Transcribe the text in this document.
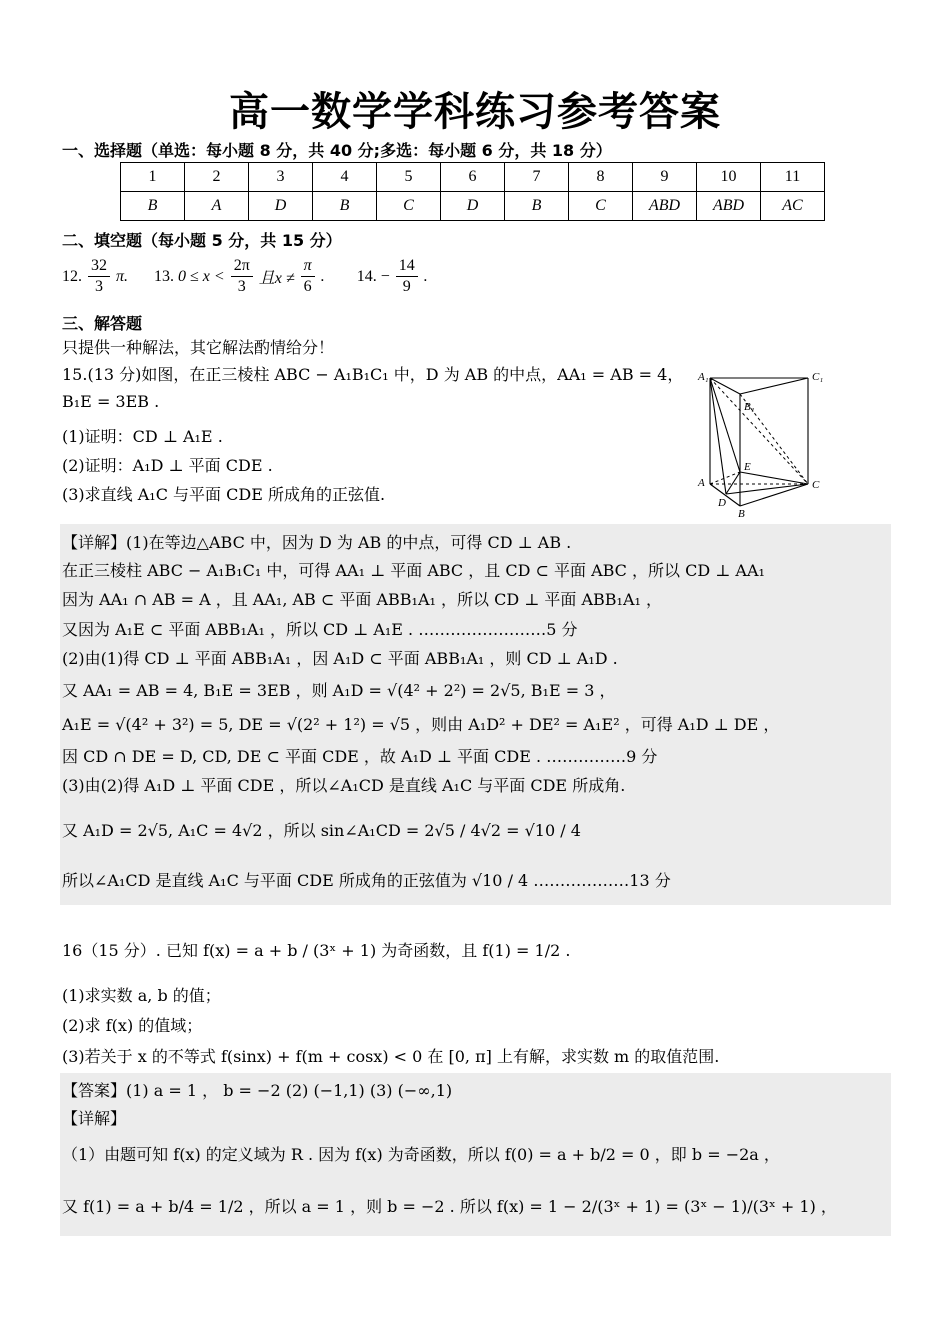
高一数学学科练习参考答案
一、选择题（单选：每小题 8 分，共 40 分;多选：每小题 6 分，共 18 分）
1	2	3	4	5	6	7	8	9	10	11
B	A	D	B	C	D	B	C	ABD	ABD	AC
二、填空题（每小题 5 分，共 15 分）
12. $\frac{32}{3} \pi$. 13. $0 \le x < \frac{2\pi}{3}$ 且$x \ne \frac{\pi}{6}$ . 14. − $\frac{14}{9}$ .
三、解答题
只提供一种解法，其它解法酌情给分！
15.(13 分)如图，在正三棱柱 ABC − A₁B₁C₁ 中，D 为 AB 的中点，AA₁ = AB = 4，
B₁E = 3EB .
(1)证明：CD ⊥ A₁E .
(2)证明：A₁D ⊥ 平面 CDE .
(3)求直线 A₁C 与平面 CDE 所成角的正弦值.
A₁	C₁
B₁
E
A	C
D
B
【详解】(1)在等边△ABC 中，因为 D 为 AB 的中点，可得 CD ⊥ AB .
在正三棱柱 ABC − A₁B₁C₁ 中，可得 AA₁ ⊥ 平面 ABC ，且 CD ⊂ 平面 ABC ，所以 CD ⊥ AA₁
因为 AA₁ ∩ AB = A ，且 AA₁, AB ⊂ 平面 ABB₁A₁ ，所以 CD ⊥ 平面 ABB₁A₁ ，
又因为 A₁E ⊂ 平面 ABB₁A₁ ，所以 CD ⊥ A₁E . ……………………5 分
(2)由(1)得 CD ⊥ 平面 ABB₁A₁ ，因 A₁D ⊂ 平面 ABB₁A₁ ，则 CD ⊥ A₁D .
又 AA₁ = AB = 4, B₁E = 3EB ，则 A₁D = √(4² + 2²) = 2√5, B₁E = 3 ，
A₁E = √(4² + 3²) = 5, DE = √(2² + 1²) = √5 ，则由 A₁D² + DE² = A₁E² ，可得 A₁D ⊥ DE ，
因 CD ∩ DE = D, CD, DE ⊂ 平面 CDE ，故 A₁D ⊥ 平面 CDE . ……………9 分
(3)由(2)得 A₁D ⊥ 平面 CDE ，所以∠A₁CD 是直线 A₁C 与平面 CDE 所成角.
又 A₁D = 2√5, A₁C = 4√2 ，所以 sin∠A₁CD = 2√5 / 4√2 = √10 / 4
所以∠A₁CD 是直线 A₁C 与平面 CDE 所成角的正弦值为 √10 / 4 ………………13 分
16（15 分）. 已知 f(x) = a + b / (3ˣ + 1) 为奇函数，且 f(1) = 1/2 .
(1)求实数 a, b 的值；
(2)求 f(x) 的值域；
(3)若关于 x 的不等式 f(sinx) + f(m + cosx) < 0 在 [0, π] 上有解，求实数 m 的取值范围.
【答案】(1) a = 1 ， b = −2 (2) (−1,1) (3) (−∞,1)
【详解】
（1）由题可知 f(x) 的定义域为 R . 因为 f(x) 为奇函数，所以 f(0) = a + b/2 = 0 ，即 b = −2a ，
又 f(1) = a + b/4 = 1/2 ，所以 a = 1 ，则 b = −2 . 所以 f(x) = 1 − 2/(3ˣ + 1) = (3ˣ − 1)/(3ˣ + 1) ，
